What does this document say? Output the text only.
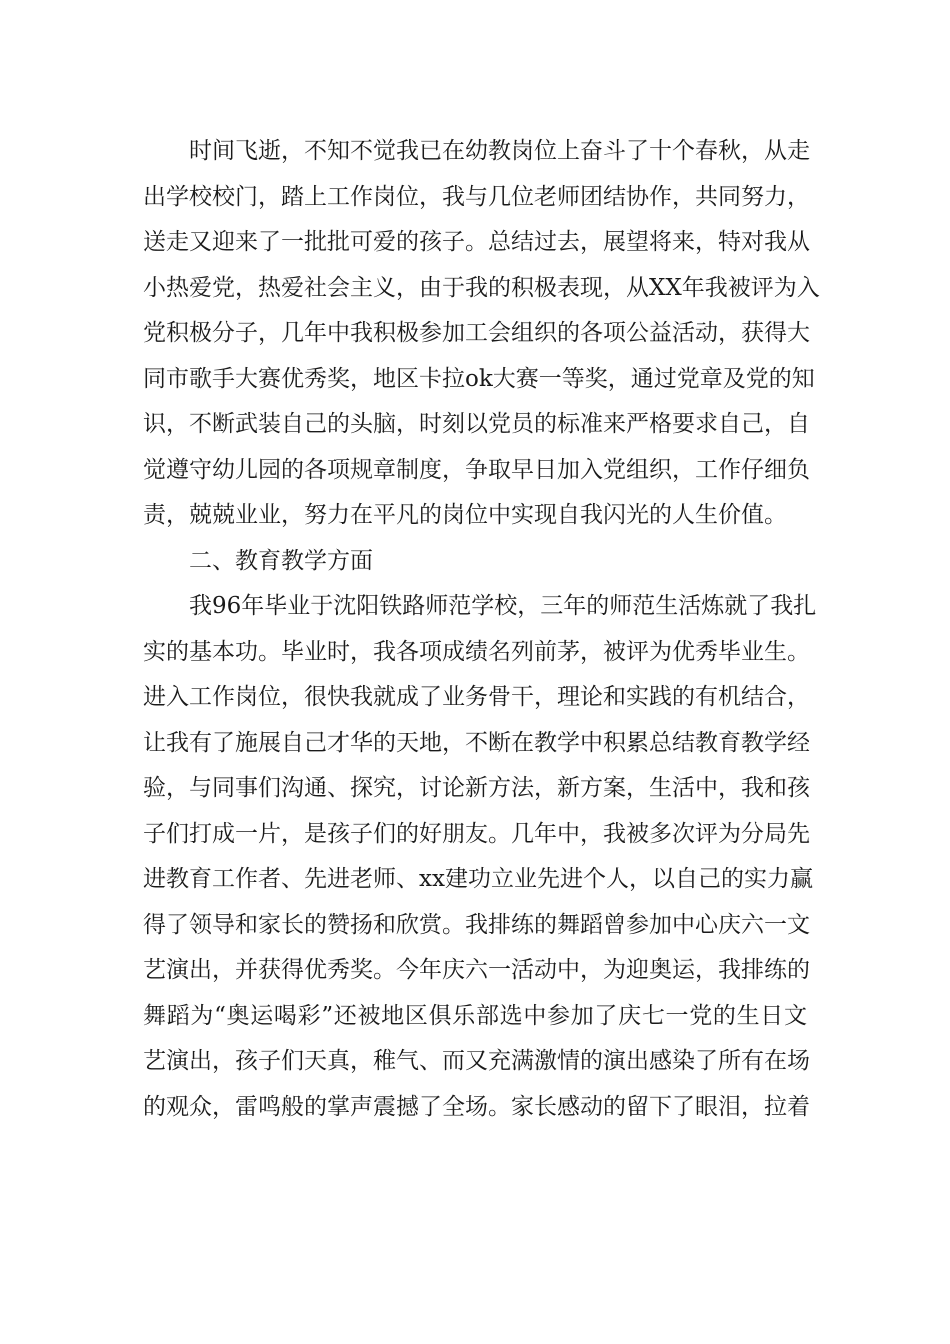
时间飞逝，不知不觉我已在幼教岗位上奋斗了十个春秋，从走
出学校校门，踏上工作岗位，我与几位老师团结协作，共同努力，
送走又迎来了一批批可爱的孩子。总结过去，展望将来，特对我从
小热爱党，热爱社会主义，由于我的积极表现，从XX年我被评为入
党积极分子，几年中我积极参加工会组织的各项公益活动，获得大
同市歌手大赛优秀奖，地区卡拉ok大赛一等奖，通过党章及党的知
识，不断武装自己的头脑，时刻以党员的标准来严格要求自己，自
觉遵守幼儿园的各项规章制度，争取早日加入党组织，工作仔细负
责，兢兢业业，努力在平凡的岗位中实现自我闪光的人生价值。
二、教育教学方面
我96年毕业于沈阳铁路师范学校，三年的师范生活炼就了我扎
实的基本功。毕业时，我各项成绩名列前茅，被评为优秀毕业生。
进入工作岗位，很快我就成了业务骨干，理论和实践的有机结合，
让我有了施展自己才华的天地，不断在教学中积累总结教育教学经
验，与同事们沟通、探究，讨论新方法，新方案，生活中，我和孩
子们打成一片，是孩子们的好朋友。几年中，我被多次评为分局先
进教育工作者、先进老师、xx建功立业先进个人，以自己的实力赢
得了领导和家长的赞扬和欣赏。我排练的舞蹈曾参加中心庆六一文
艺演出，并获得优秀奖。今年庆六一活动中，为迎奥运，我排练的
舞蹈为“奥运喝彩”还被地区俱乐部选中参加了庆七一党的生日文
艺演出，孩子们天真，稚气、而又充满激情的演出感染了所有在场
的观众，雷鸣般的掌声震撼了全场。家长感动的留下了眼泪，拉着
